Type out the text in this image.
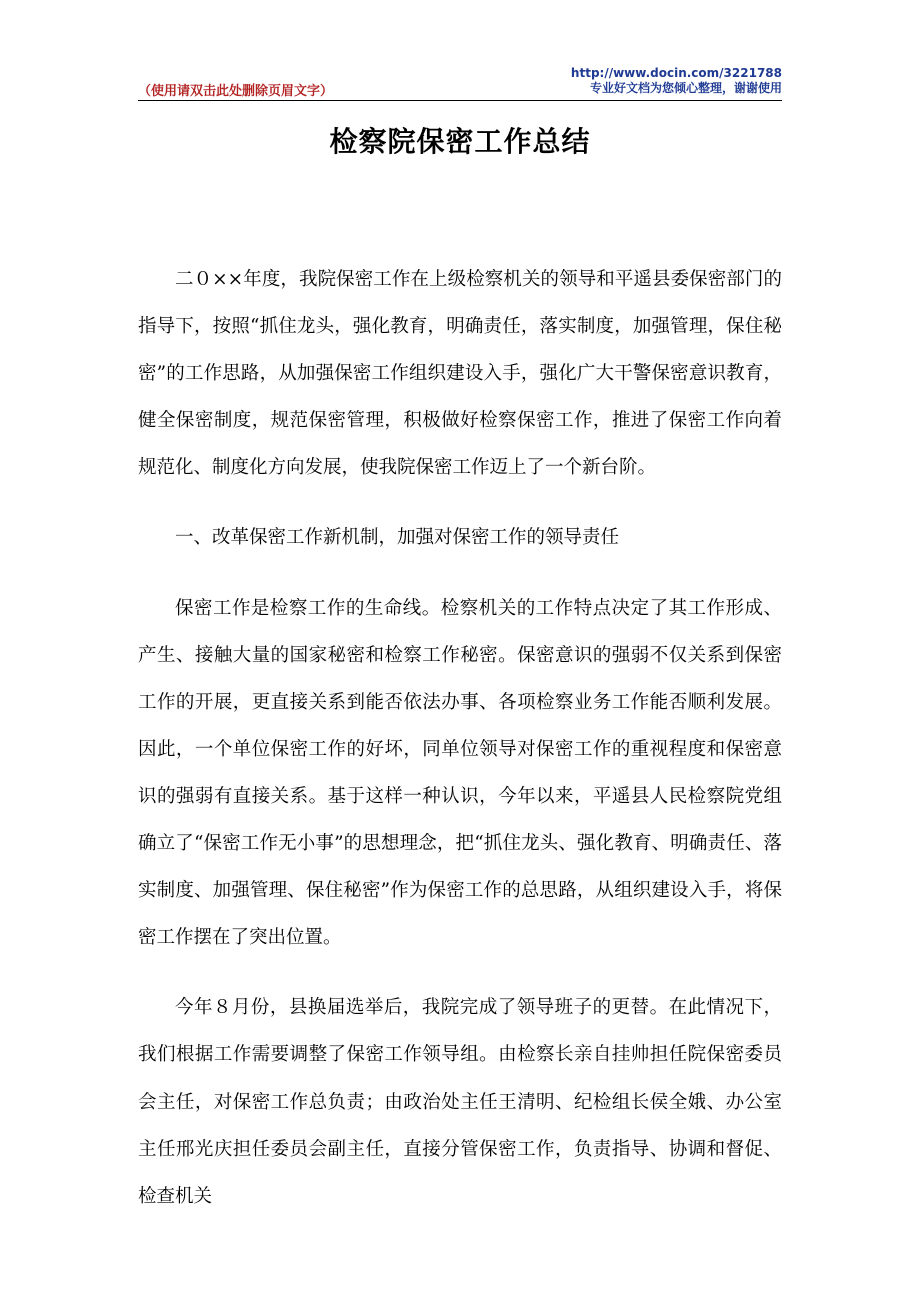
（使用请双击此处删除页眉文字）
http://www.docin.com/3221788
专业好文档为您倾心整理，谢谢使用
检察院保密工作总结

二０××年度，我院保密工作在上级检察机关的领导和平遥县委保密部门的指导下，按照“抓住龙头，强化教育，明确责任，落实制度，加强管理，保住秘密”的工作思路，从加强保密工作组织建设入手，强化广大干警保密意识教育，健全保密制度，规范保密管理，积极做好检察保密工作，推进了保密工作向着规范化、制度化方向发展，使我院保密工作迈上了一个新台阶。

一、改革保密工作新机制，加强对保密工作的领导责任

保密工作是检察工作的生命线。检察机关的工作特点决定了其工作形成、产生、接触大量的国家秘密和检察工作秘密。保密意识的强弱不仅关系到保密工作的开展，更直接关系到能否依法办事、各项检察业务工作能否顺利发展。因此，一个单位保密工作的好坏，同单位领导对保密工作的重视程度和保密意识的强弱有直接关系。基于这样一种认识，今年以来，平遥县人民检察院党组确立了“保密工作无小事”的思想理念，把“抓住龙头、强化教育、明确责任、落实制度、加强管理、保住秘密”作为保密工作的总思路，从组织建设入手，将保密工作摆在了突出位置。

今年８月份，县换届选举后，我院完成了领导班子的更替。在此情况下，我们根据工作需要调整了保密工作领导组。由检察长亲自挂帅担任院保密委员会主任，对保密工作总负责；由政治处主任王清明、纪检组长侯全娥、办公室主任邢光庆担任委员会副主任，直接分管保密工作，负责指导、协调和督促、检查机关
